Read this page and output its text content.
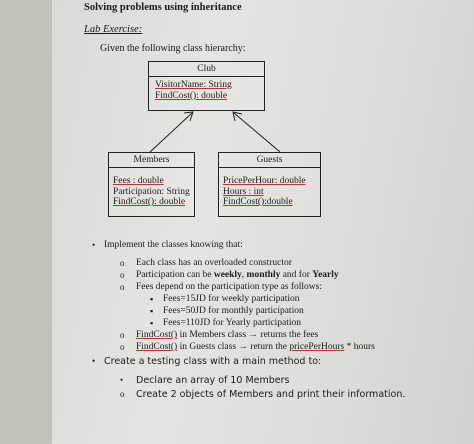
Solving problems using inheritance
Lab Exercise:
Given the following class hierarchy:
Club
VisitorName: String
FindCost(): double
Members
Fees : double
Participation: String
FindCost(): double
Guests
PricePerHour: double
Hours : int
FindCost():double
• Implement the classes knowing that:
o Each class has an overloaded constructor
o Participation can be weekly, monthly and for Yearly
o Fees depend on the participation type as follows:
▪ Fees=15JD for weekly participation
▪ Fees=50JD for monthly participation
▪ Fees=110JD for Yearly participation
o FindCost() in Members class → returns the fees
o FindCost() in Guests class → return the pricePerHours * hours
• Create a testing class with a main method to:
• Declare an array of 10 Members
o Create 2 objects of Members and print their information.
